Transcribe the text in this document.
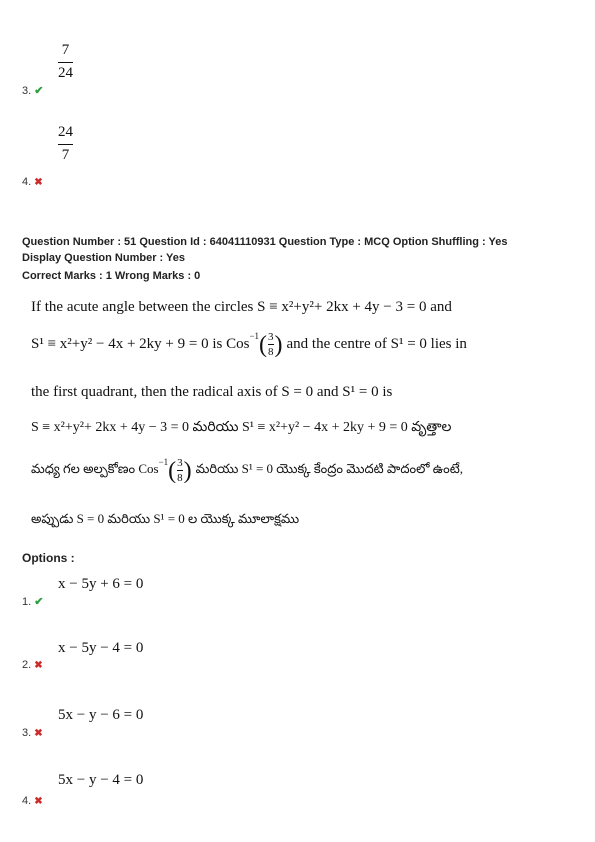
7
24
3. ✔
24
7
4. ✖
Question Number : 51 Question Id : 64041110931 Question Type : MCQ Option Shuffling : Yes
Display Question Number : Yes
Correct Marks : 1 Wrong Marks : 0
If the acute angle between the circles S ≡ x²+y²+ 2kx + 4y − 3 = 0 and
S¹ ≡ x²+y² − 4x + 2ky + 9 = 0 is Cos$^{-1}$ ( 3
8 ) and the centre of S¹ = 0 lies in
the first quadrant, then the radical axis of S = 0 and S¹ = 0 is
S ≡ x²+y²+ 2kx + 4y − 3 = 0 మరియు S¹ ≡ x²+y² − 4x + 2ky + 9 = 0 వృత్తాల
మధ్య గల అల్పకోణం Cos$^{-1}$ ( 3
8 ) మరియు S¹ = 0 యొక్క కేంద్రం మొదటి పాదంలో ఉంటే,
అప్పుడు S = 0 మరియు S¹ = 0 ల యొక్క మూలాక్షము
Options :
x − 5y + 6 = 0
1. ✔
x − 5y − 4 = 0
2. ✖
5x − y − 6 = 0
3. ✖
5x − y − 4 = 0
4. ✖
